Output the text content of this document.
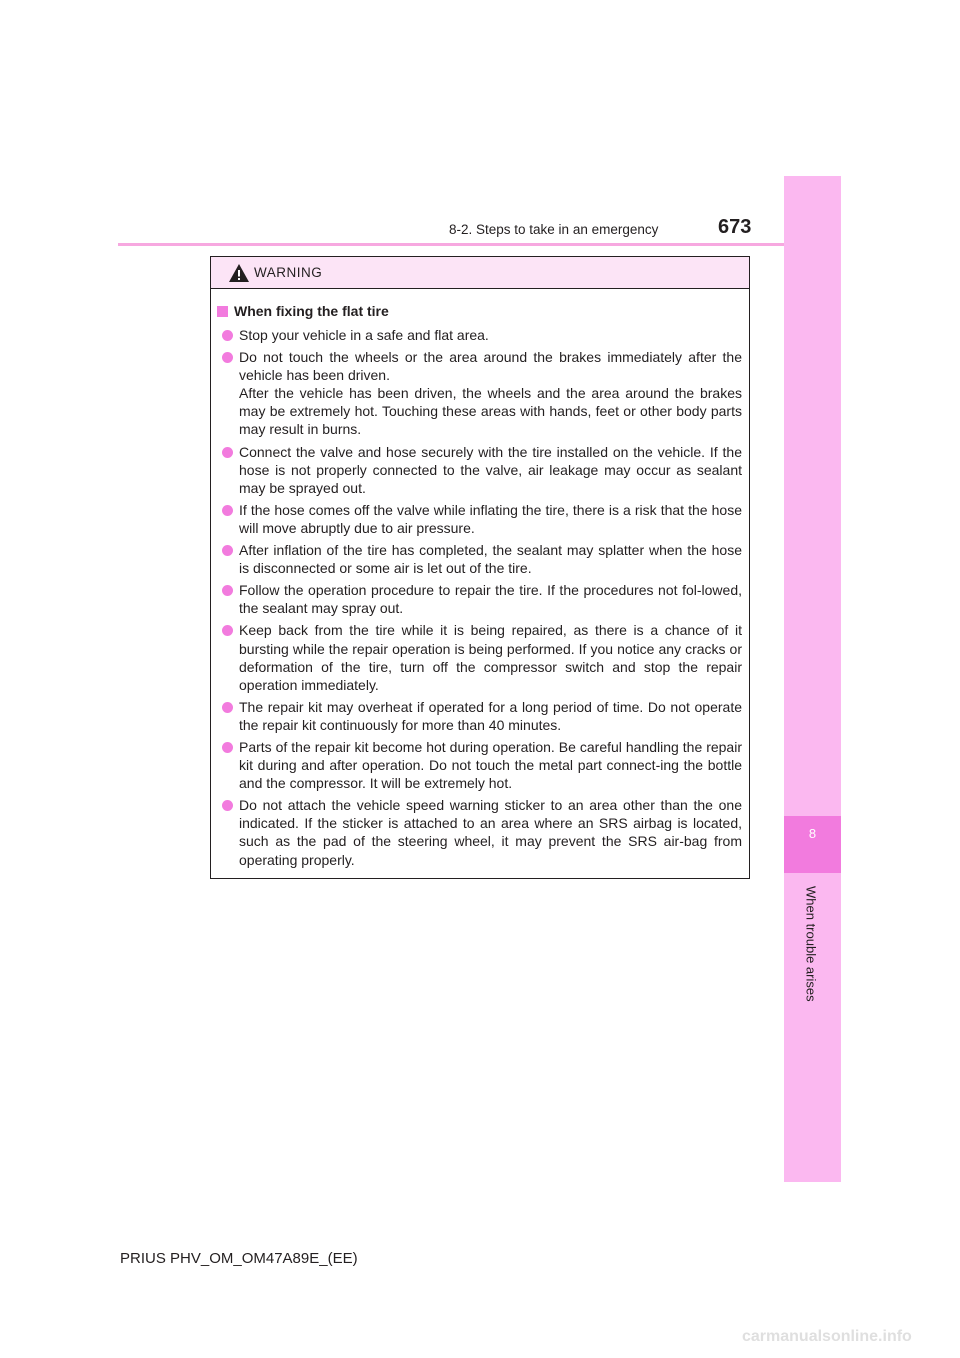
8-2. Steps to take in an emergency	673
8
When trouble arises
WARNING
When fixing the flat tire
Stop your vehicle in a safe and flat area.
Do not touch the wheels or the area around the brakes immediately after the vehicle has been driven.
After the vehicle has been driven, the wheels and the area around the brakes may be extremely hot. Touching these areas with hands, feet or other body parts may result in burns.
Connect the valve and hose securely with the tire installed on the vehicle. If the hose is not properly connected to the valve, air leakage may occur as sealant may be sprayed out.
If the hose comes off the valve while inflating the tire, there is a risk that the hose will move abruptly due to air pressure.
After inflation of the tire has completed, the sealant may splatter when the hose is disconnected or some air is let out of the tire.
Follow the operation procedure to repair the tire. If the procedures not fol-lowed, the sealant may spray out.
Keep back from the tire while it is being repaired, as there is a chance of it bursting while the repair operation is being performed. If you notice any cracks or deformation of the tire, turn off the compressor switch and stop the repair operation immediately.
The repair kit may overheat if operated for a long period of time. Do not operate the repair kit continuously for more than 40 minutes.
Parts of the repair kit become hot during operation. Be careful handling the repair kit during and after operation. Do not touch the metal part connect-ing the bottle and the compressor. It will be extremely hot.
Do not attach the vehicle speed warning sticker to an area other than the one indicated. If the sticker is attached to an area where an SRS airbag is located, such as the pad of the steering wheel, it may prevent the SRS air-bag from operating properly.
PRIUS PHV_OM_OM47A89E_(EE)
carmanualsonline.info
